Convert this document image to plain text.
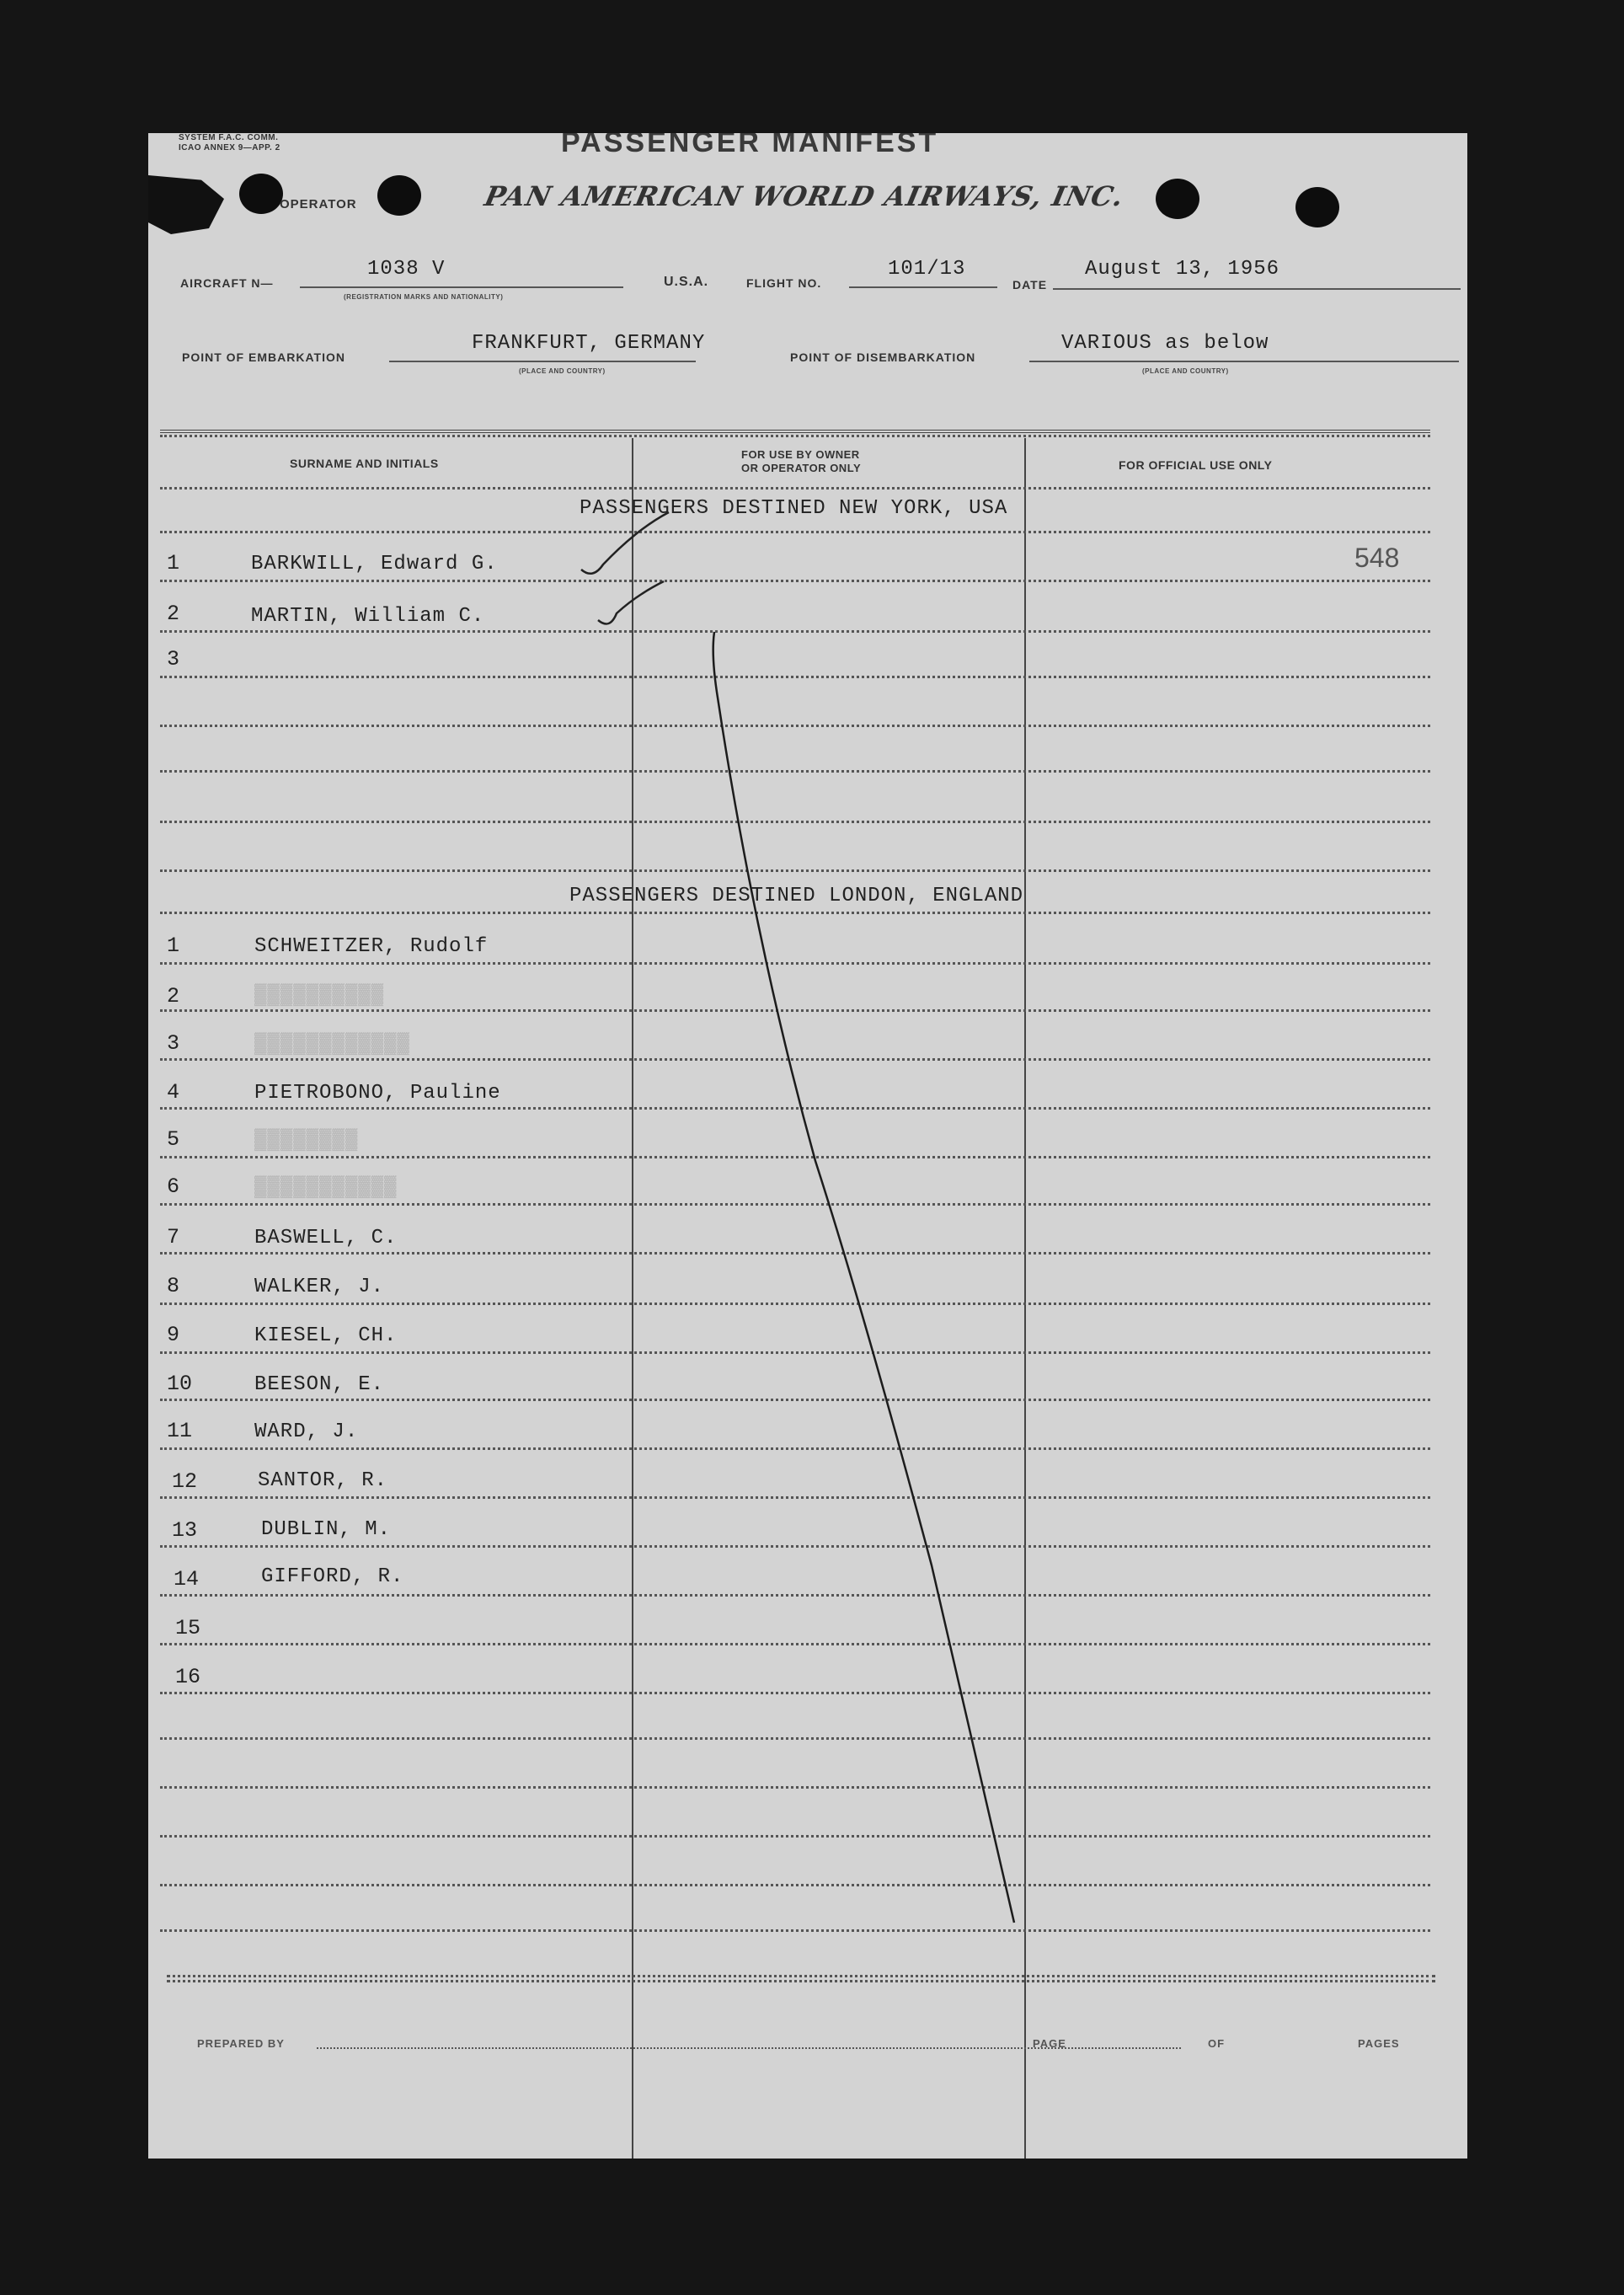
SYSTEM F.A.C. COMM.
ICAO ANNEX 9—APP. 2	PASSENGER MANIFEST
OPERATOR	PAN AMERICAN WORLD AIRWAYS, INC.
AIRCRAFT N—
1038 V
(REGISTRATION MARKS AND NATIONALITY)
U.S.A.	FLIGHT NO.
101/13
DATE
August 13, 1956
POINT OF EMBARKATION
FRANKFURT, GERMANY
(PLACE AND COUNTRY)
POINT OF DISEMBARKATION
VARIOUS as below
(PLACE AND COUNTRY)
SURNAME AND INITIALS
FOR USE BY OWNER
OR OPERATOR ONLY	FOR OFFICIAL USE ONLY
548
PASSENGERS DESTINED NEW YORK, USA
1	BARKWILL, Edward G.
2	MARTIN, William C.
3
PASSENGERS DESTINED LONDON, ENGLAND
1	SCHWEITZER, Rudolf
2	▓▓▓▓▓▓▓▓▓▓
3	▓▓▓▓▓▓▓▓▓▓▓▓
4	PIETROBONO, Pauline
5	▓▓▓▓▓▓▓▓
6	▓▓▓▓▓▓▓▓▓▓▓
7	BASWELL, C.
8	WALKER, J.
9	KIESEL, CH.
10	BEESON, E.
11	WARD, J.
12	SANTOR, R.
13	DUBLIN, M.
14	GIFFORD, R.
15
16
PREPARED BY	PAGE	OF	PAGES
